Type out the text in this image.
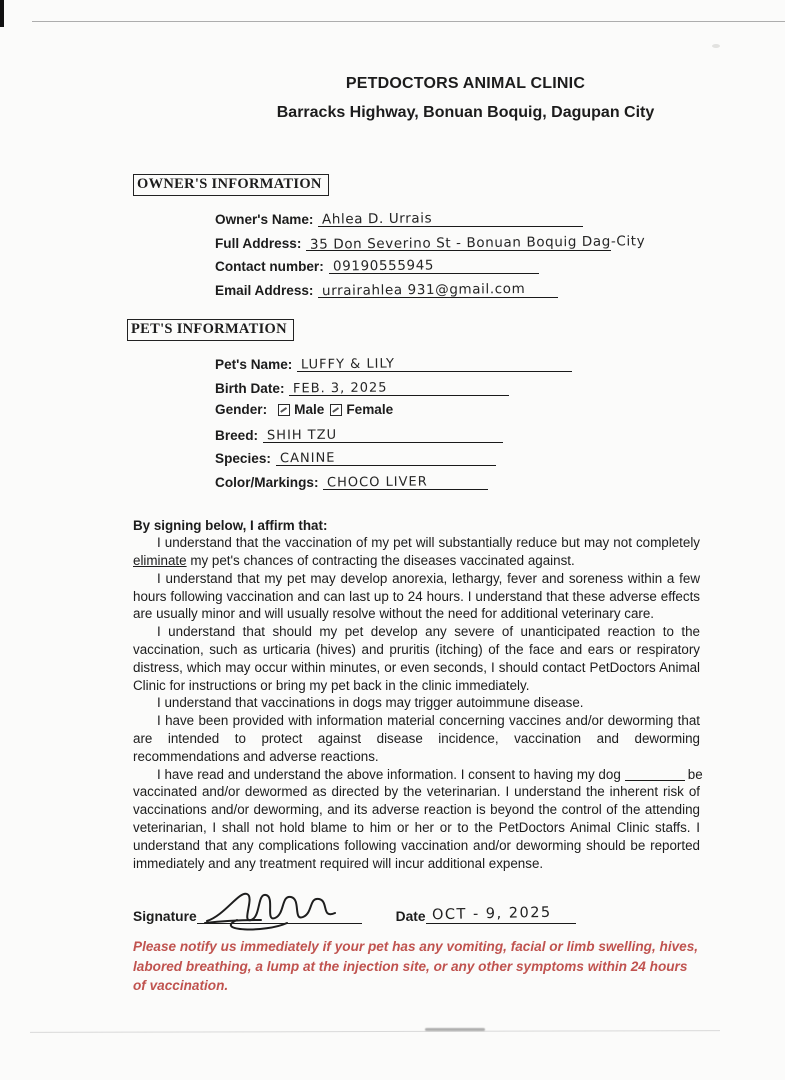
PETDOCTORS ANIMAL CLINIC
Barracks Highway, Bonuan Boquig, Dagupan City
OWNER'S INFORMATION
Owner's Name: Ahlea D. Urrais
Full Address: 35 Don Severino St - Bonuan Boquig Dag-City
Contact number: 09190555945
Email Address: urrairahlea 931@gmail.com
PET'S INFORMATION
Pet's Name: LUFFY & LILY
Birth Date: FEB. 3, 2025
Gender:	Male Female
Breed: SHIH TZU
Species: CANINE
Color/Markings: CHOCO LIVER

By signing below, I affirm that:

I understand that the vaccination of my pet will substantially reduce but may not completely eliminate my pet's chances of contracting the diseases vaccinated against.

I understand that my pet may develop anorexia, lethargy, fever and soreness within a few hours following vaccination and can last up to 24 hours. I understand that these adverse effects are usually minor and will usually resolve without the need for additional veterinary care.

I understand that should my pet develop any severe of unanticipated reaction to the vaccination, such as urticaria (hives) and pruritis (itching) of the face and ears or respiratory distress, which may occur within minutes, or even seconds, I should contact PetDoctors Animal Clinic for instructions or bring my pet back in the clinic immediately.

I understand that vaccinations in dogs may trigger autoimmune disease.

I have been provided with information material concerning vaccines and/or deworming that are intended to protect against disease incidence, vaccination and deworming recommendations and adverse reactions.

I have read and understand the above information. I consent to having my dog	be

vaccinated and/or dewormed as directed by the veterinarian. I understand the inherent risk of vaccinations and/or deworming, and its adverse reaction is beyond the control of the attending veterinarian, I shall not hold blame to him or her or to the PetDoctors Animal Clinic staffs. I understand that any complications following vaccination and/or deworming should be reported immediately and any treatment required will incur additional expense.

Signature	Date OCT - 9, 2025
Please notify us immediately if your pet has any vomiting, facial or limb swelling, hives, labored breathing, a lump at the injection site, or any other symptoms within 24 hours of vaccination.
